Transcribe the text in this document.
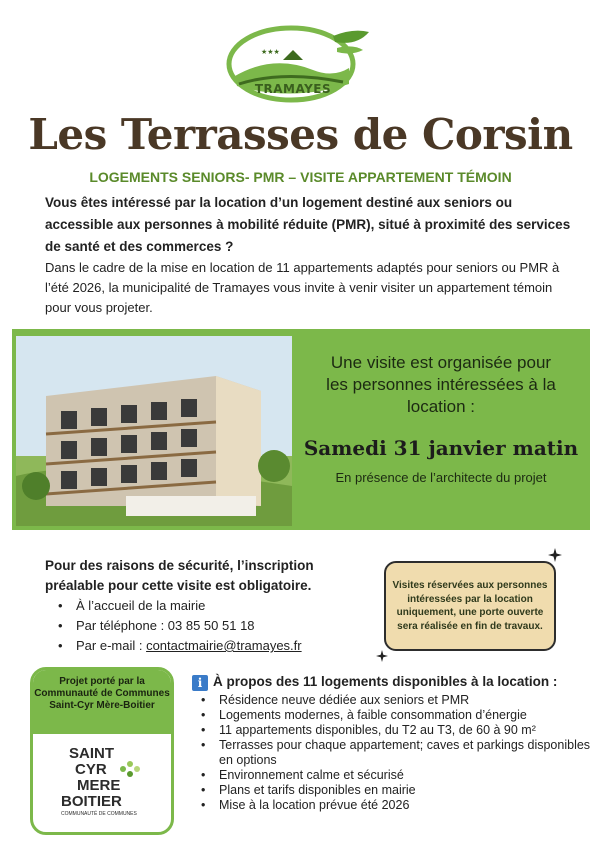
★★★
TRAMAYES
Les Terrasses de Corsin
LOGEMENTS SENIORS- PMR – VISITE APPARTEMENT TÉMOIN
Vous êtes intéressé par la location d’un logement destiné aux seniors ou accessible aux personnes à mobilité réduite (PMR), situé à proximité des services de santé et des commerces ?
Dans le cadre de la mise en location de 11 appartements adaptés pour seniors ou PMR à l’été 2026, la municipalité de Tramayes vous invite à venir visiter un appartement témoin pour vous projeter.
Une visite est organisée pour
les personnes intéressées à la
location :
Samedi 31 janvier matin
En présence de l’architecte du projet
Pour des raisons de sécurité, l’inscription
préalable pour cette visite est obligatoire.
•	À l’accueil de la mairie
•	Par téléphone : 03 85 50 51 18
•	Par e-mail : contactmairie@tramayes.fr
Visites réservées aux personnes intéressées par la location uniquement, une porte ouverte sera réalisée en fin de travaux.
Projet porté par la Communauté de Communes Saint-Cyr Mère-Boitier
SAINT
CYR
MERE
BOITIER
COMMUNAUTÉ DE COMMUNES
i À propos des 11 logements disponibles à la location :
•	Résidence neuve dédiée aux seniors et PMR
•	Logements modernes, à faible consommation d’énergie
•	11 appartements disponibles, du T2 au T3, de 60 à 90 m²
•	Terrasses pour chaque appartement; caves et parkings disponibles en options
•	Environnement calme et sécurisé
•	Plans et tarifs disponibles en mairie
•	Mise à la location prévue été 2026
